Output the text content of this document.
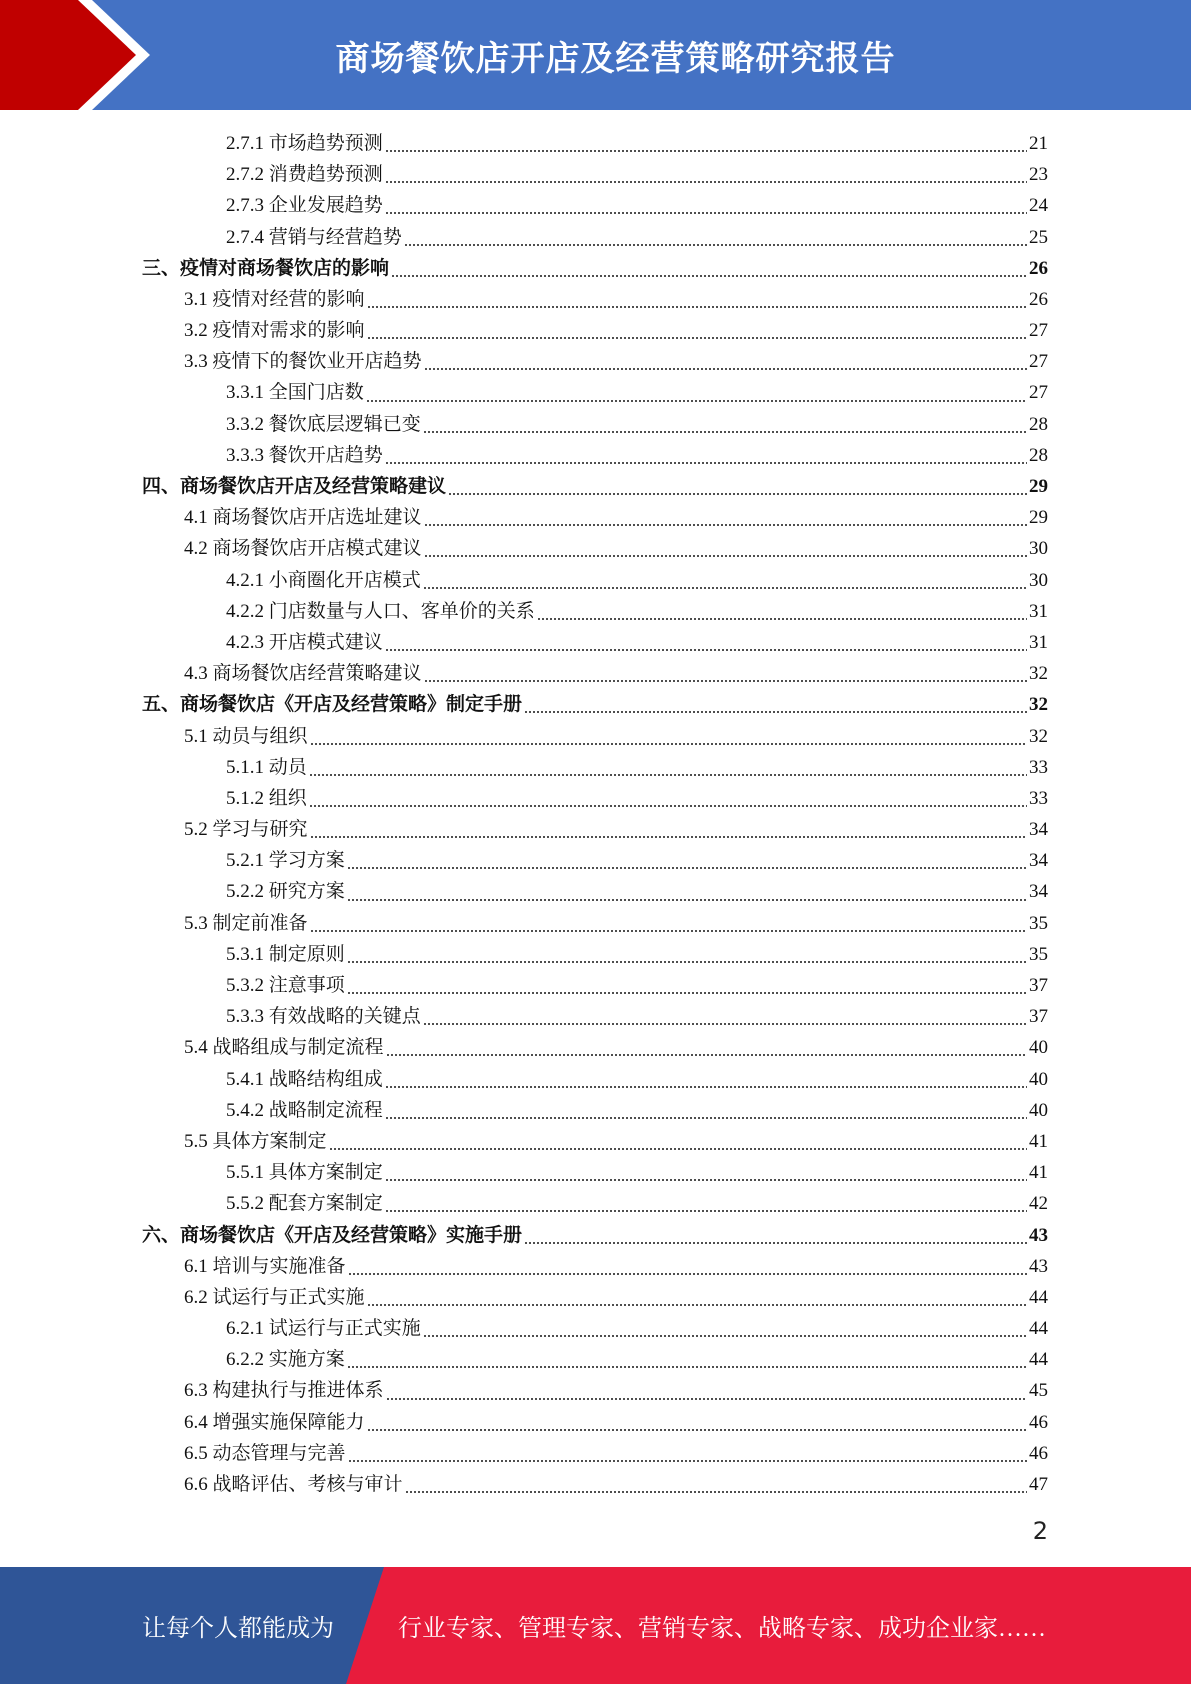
商场餐饮店开店及经营策略研究报告
2.7.1 市场趋势预测	21
2.7.2 消费趋势预测	23
2.7.3 企业发展趋势	24
2.7.4 营销与经营趋势	25
三、疫情对商场餐饮店的影响	26
3.1 疫情对经营的影响	26
3.2 疫情对需求的影响	27
3.3 疫情下的餐饮业开店趋势	27
3.3.1 全国门店数	27
3.3.2 餐饮底层逻辑已变	28
3.3.3 餐饮开店趋势	28
四、商场餐饮店开店及经营策略建议	29
4.1 商场餐饮店开店选址建议	29
4.2 商场餐饮店开店模式建议	30
4.2.1 小商圈化开店模式	30
4.2.2 门店数量与人口、客单价的关系	31
4.2.3 开店模式建议	31
4.3 商场餐饮店经营策略建议	32
五、商场餐饮店《开店及经营策略》制定手册	32
5.1 动员与组织	32
5.1.1 动员	33
5.1.2 组织	33
5.2 学习与研究	34
5.2.1 学习方案	34
5.2.2 研究方案	34
5.3 制定前准备	35
5.3.1 制定原则	35
5.3.2 注意事项	37
5.3.3 有效战略的关键点	37
5.4 战略组成与制定流程	40
5.4.1 战略结构组成	40
5.4.2 战略制定流程	40
5.5 具体方案制定	41
5.5.1 具体方案制定	41
5.5.2 配套方案制定	42
六、商场餐饮店《开店及经营策略》实施手册	43
6.1 培训与实施准备	43
6.2 试运行与正式实施	44
6.2.1 试运行与正式实施	44
6.2.2 实施方案	44
6.3 构建执行与推进体系	45
6.4 增强实施保障能力	46
6.5 动态管理与完善	46
6.6 战略评估、考核与审计	47
2
让每个人都能成为	行业专家、管理专家、营销专家、战略专家、成功企业家……
